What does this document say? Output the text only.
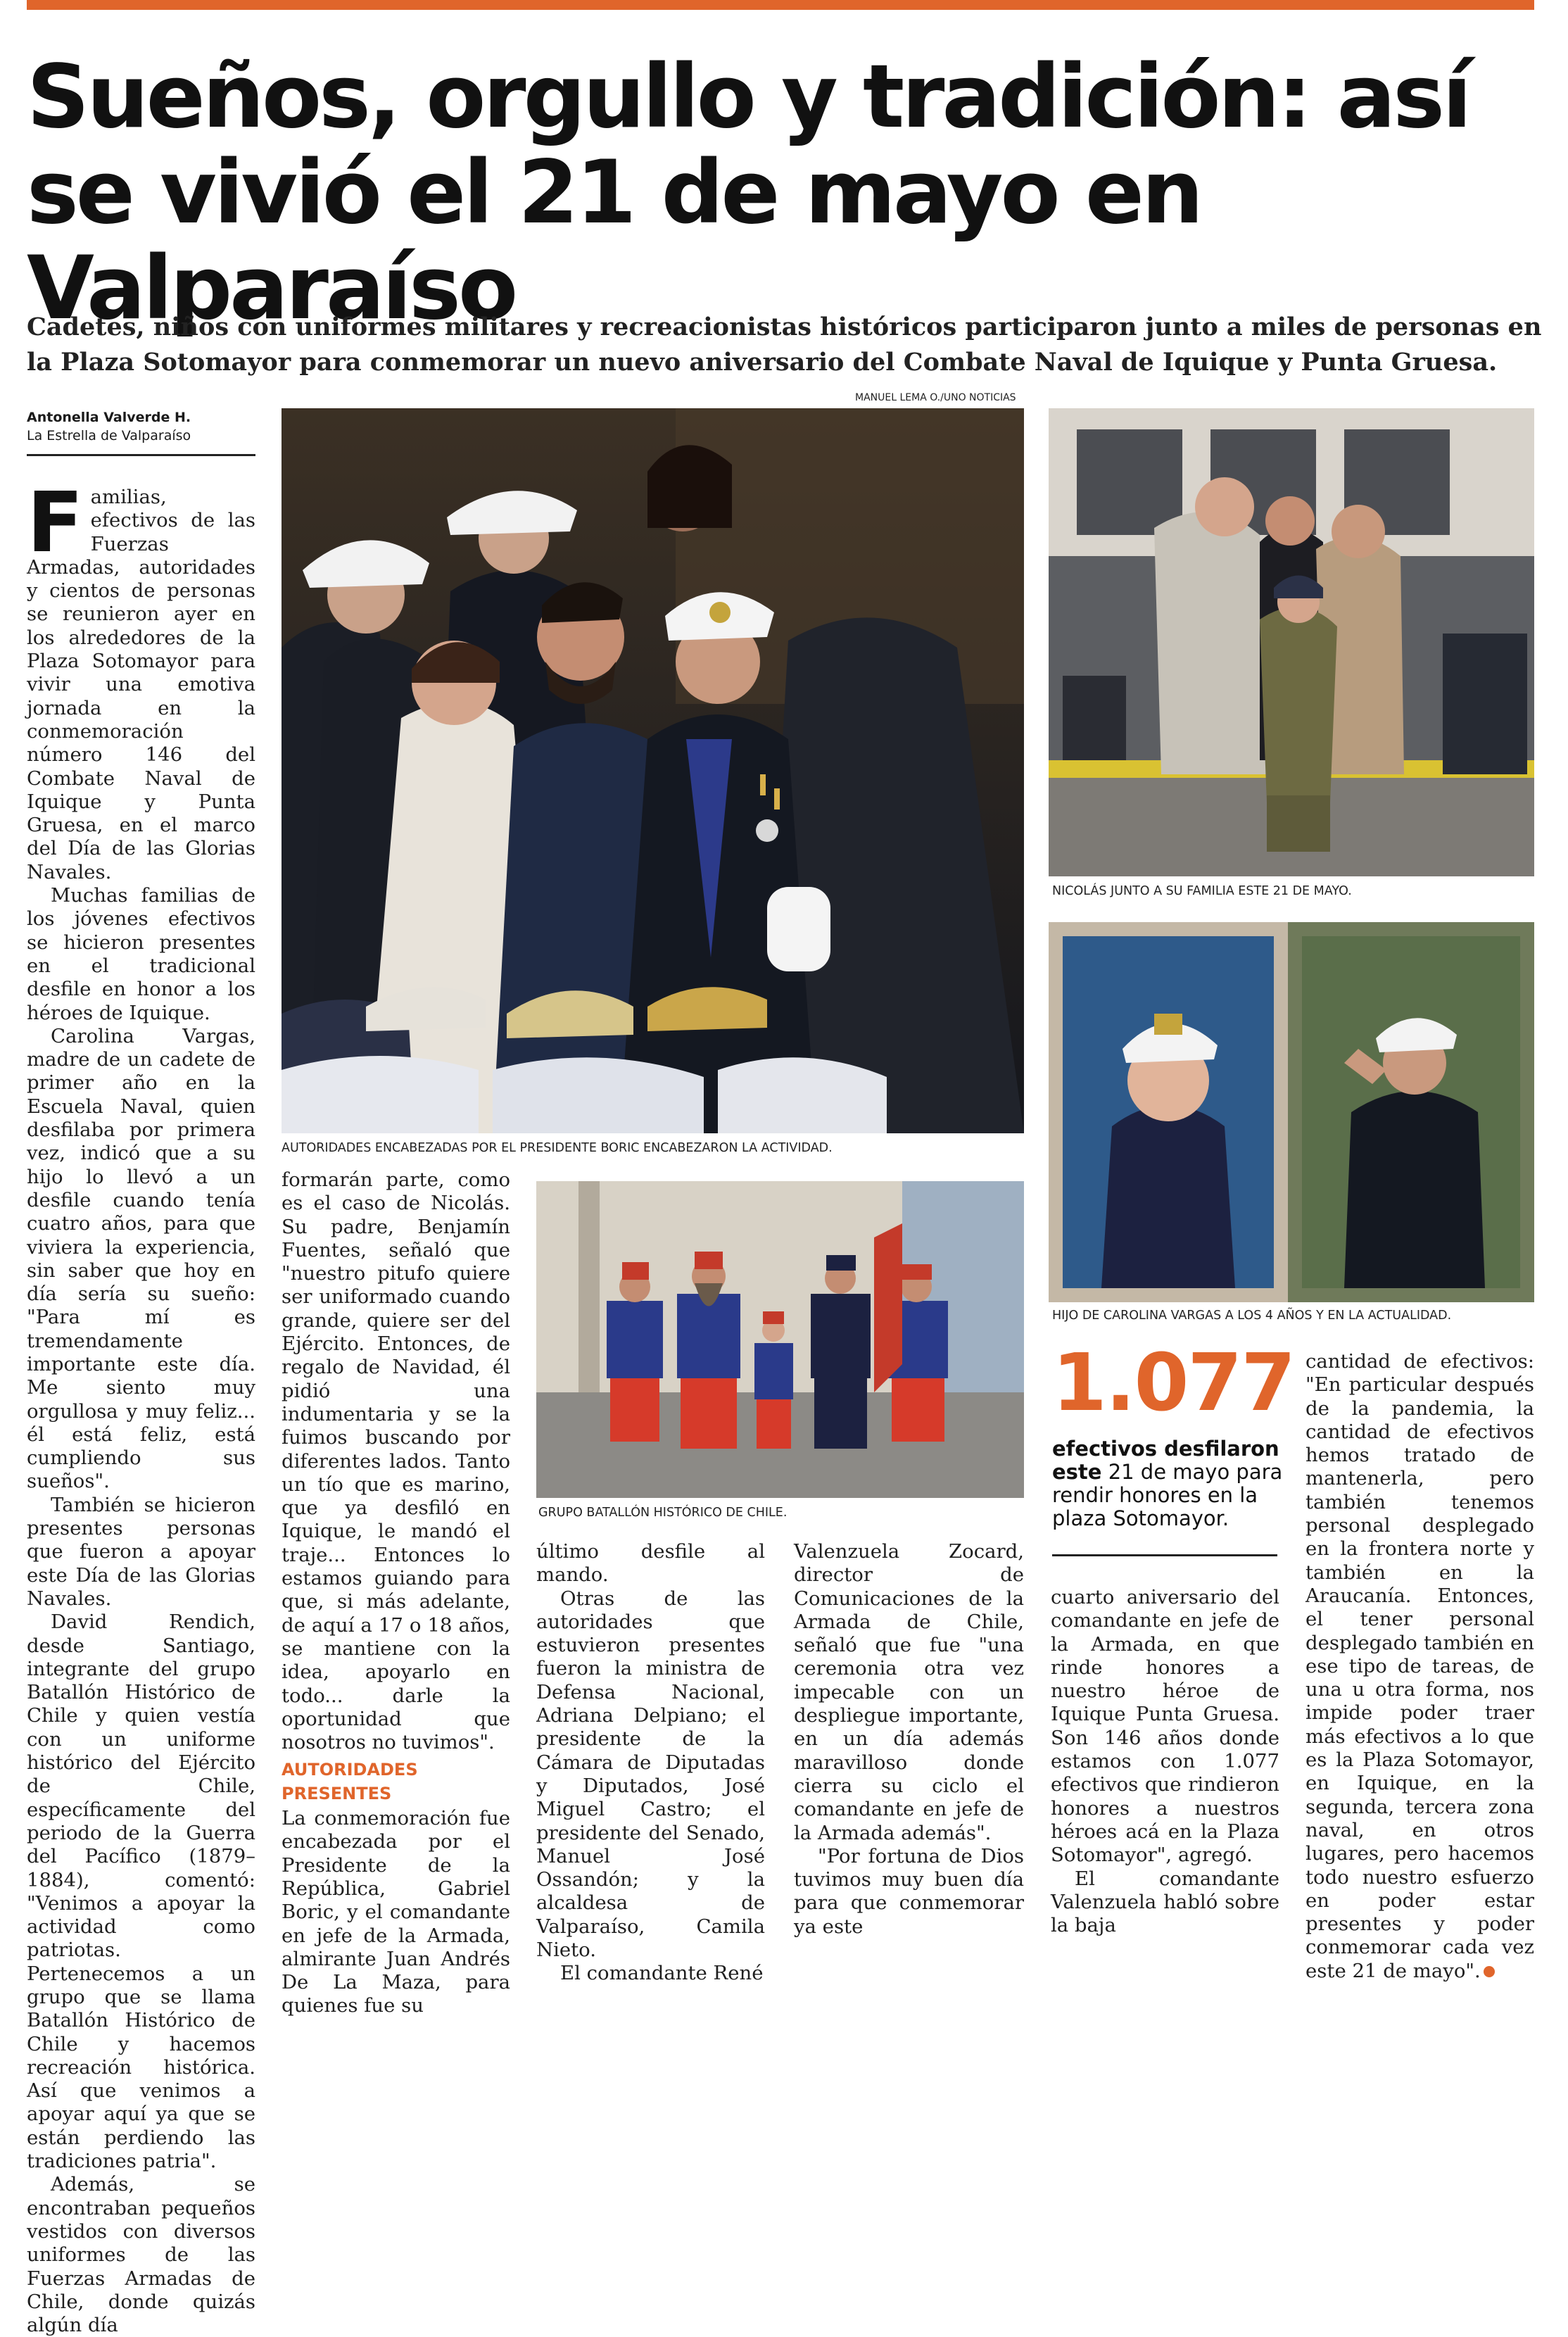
Sueños, orgullo y tradición: así se vivió el 21 de mayo en Valparaíso

Cadetes, niños con uniformes militares y recreacionistas históricos participaron junto a miles de personas en la Plaza Sotomayor para conmemorar un nuevo aniversario del Combate Naval de Iquique y Punta Gruesa.

Antonella Valverde H.
La Estrella de Valparaíso

Familias, efectivos de las Fuerzas Armadas, autoridades y cientos de personas se reunieron ayer en los alrededores de la Plaza Sotomayor para vivir una emotiva jornada en la conmemoración número 146 del Combate Naval de Iquique y Punta Gruesa, en el marco del Día de las Glorias Navales.

Muchas familias de los jóvenes efectivos se hicieron presentes en el tradicional desfile en honor a los héroes de Iquique.

Carolina Vargas, madre de un cadete de primer año en la Escuela Naval, quien desfilaba por primera vez, indicó que a su hijo lo llevó a un desfile cuando tenía cuatro años, para que viviera la experiencia, sin saber que hoy en día sería su sueño: "Para mí es tremendamente importante este día. Me siento muy orgullosa y muy feliz... él está feliz, está cumpliendo sus sueños".

También se hicieron presentes personas que fueron a apoyar este Día de las Glorias Navales.

David Rendich, desde Santiago, integrante del grupo Batallón Histórico de Chile y quien vestía con un uniforme histórico del Ejército de Chile, específicamente del periodo de la Guerra del Pacífico (1879–1884), comentó: "Venimos a apoyar la actividad como patriotas. Pertenecemos a un grupo que se llama Batallón Histórico de Chile y hacemos recreación histórica. Así que venimos a apoyar aquí ya que se están perdiendo las tradiciones patria".

Además, se encontraban pequeños vestidos con diversos uniformes de las Fuerzas Armadas de Chile, donde quizás algún día

MANUEL LEMA O./UNO NOTICIAS
AUTORIDADES ENCABEZADAS POR EL PRESIDENTE BORIC ENCABEZARON LA ACTIVIDAD.
NICOLÁS JUNTO A SU FAMILIA ESTE 21 DE MAYO.
HIJO DE CAROLINA VARGAS A LOS 4 AÑOS Y EN LA ACTUALIDAD.
GRUPO BATALLÓN HISTÓRICO DE CHILE.

formarán parte, como es el caso de Nicolás. Su padre, Benjamín Fuentes, señaló que "nuestro pitufo quiere ser uniformado cuando grande, quiere ser del Ejército. Entonces, de regalo de Navidad, él pidió una indumentaria y se la fuimos buscando por diferentes lados. Tanto un tío que es marino, que ya desfiló en Iquique, le mandó el traje... Entonces lo estamos guiando para que, si más adelante, de aquí a 17 o 18 años, se mantiene con la idea, apoyarlo en todo... darle la oportunidad que nosotros no tuvimos".

AUTORIDADES PRESENTES

La conmemoración fue encabezada por el Presidente de la República, Gabriel Boric, y el comandante en jefe de la Armada, almirante Juan Andrés De La Maza, para quienes fue su

último desfile al mando.

Otras de las autoridades que estuvieron presentes fueron la ministra de Defensa Nacional, Adriana Delpiano; el presidente de la Cámara de Diputadas y Diputados, José Miguel Castro; el presidente del Senado, Manuel José Ossandón; y la alcaldesa de Valparaíso, Camila Nieto.

El comandante René

Valenzuela Zocard, director de Comunicaciones de la Armada de Chile, señaló que fue "una ceremonia otra vez impecable con un despliegue importante, en un día además maravilloso donde cierra su ciclo el comandante en jefe de la Armada además".

"Por fortuna de Dios tuvimos muy buen día para que conmemorar ya este

1.077
efectivos desfilaron este 21 de mayo para rendir honores en la plaza Sotomayor.

cuarto aniversario del comandante en jefe de la Armada, en que rinde honores a nuestro héroe de Iquique Punta Gruesa. Son 146 años donde estamos con 1.077 efectivos que rindieron honores a nuestros héroes acá en la Plaza Sotomayor", agregó.

El comandante Valenzuela habló sobre la baja

cantidad de efectivos: "En particular después de la pandemia, la cantidad de efectivos hemos tratado de mantenerla, pero también tenemos personal desplegado en la frontera norte y también en la Araucanía. Entonces, el tener personal desplegado también en ese tipo de tareas, de una u otra forma, nos impide poder traer más efectivos a lo que es la Plaza Sotomayor, en Iquique, en la segunda, tercera zona naval, en otros lugares, pero hacemos todo nuestro esfuerzo en poder estar presentes y poder conmemorar cada vez este 21 de mayo".
